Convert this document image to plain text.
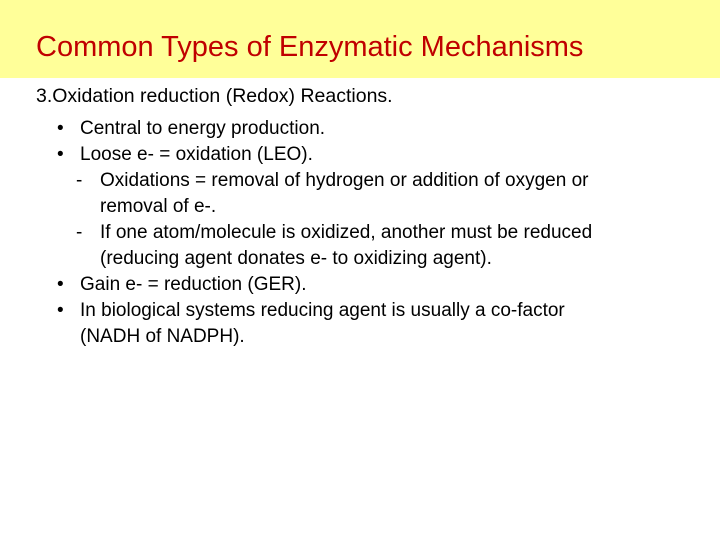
Common Types of Enzymatic Mechanisms
3.Oxidation reduction (Redox) Reactions.
• Central to energy production.
• Loose e- = oxidation (LEO).
- Oxidations = removal of hydrogen or addition of oxygen or
removal of e-.
- If one atom/molecule is oxidized, another must be reduced
(reducing agent donates e- to oxidizing agent).
• Gain e- = reduction (GER).
• In biological systems reducing agent is usually a co-factor
(NADH of NADPH).
